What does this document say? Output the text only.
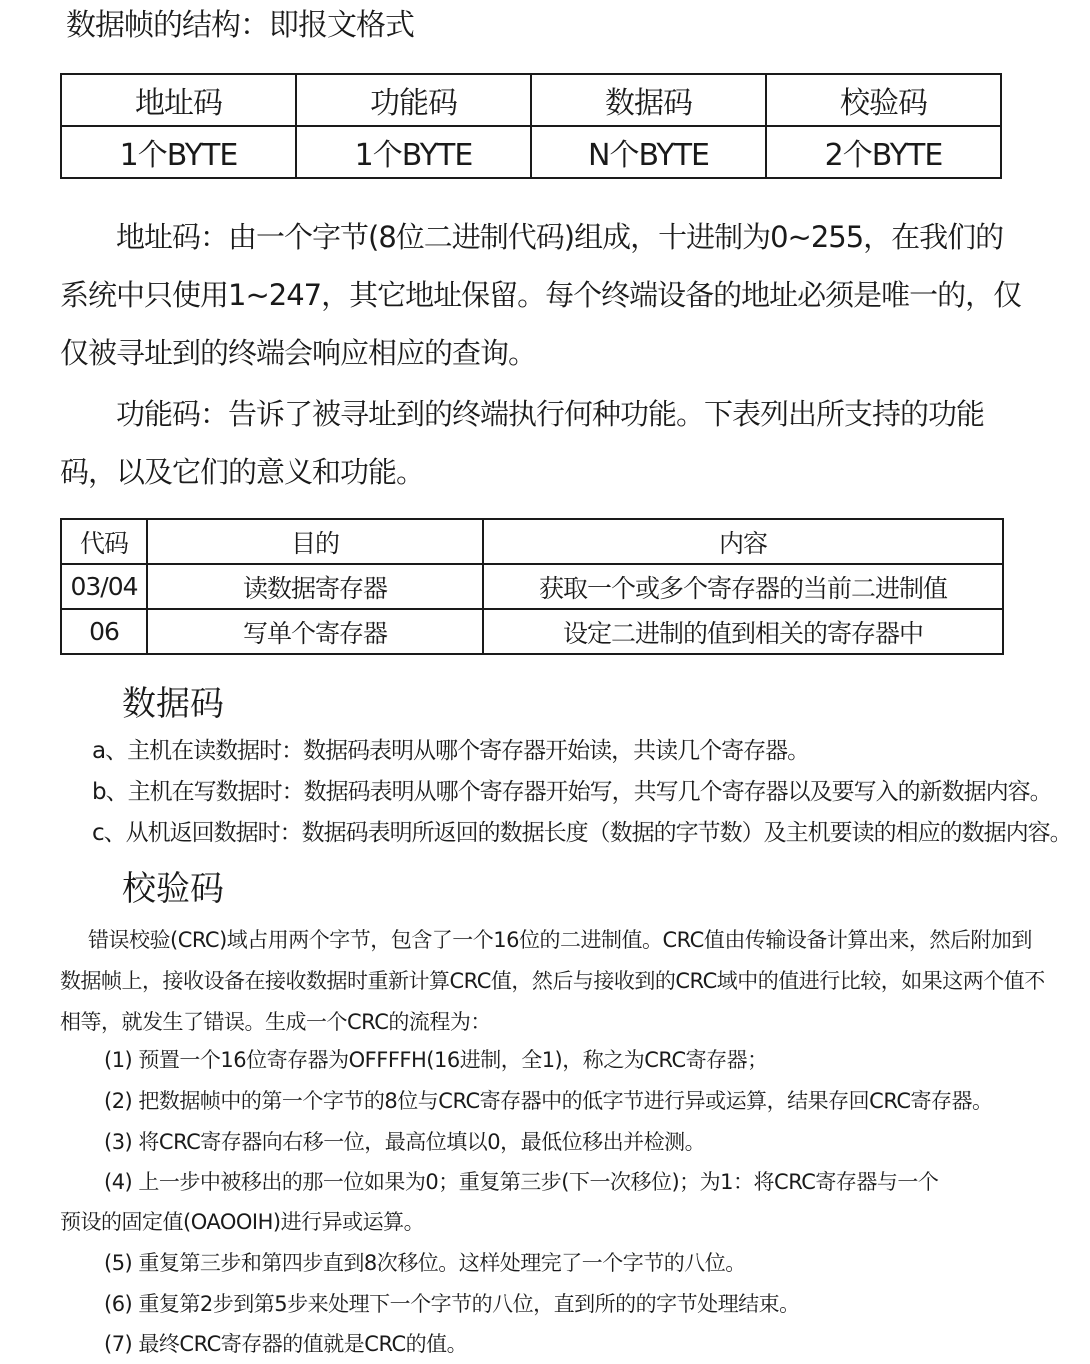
数据帧的结构：即报文格式
地址码	功能码	数据码	校验码
1个BYTE	1个BYTE	N个BYTE	2个BYTE
地址码：由一个字节(8位二进制代码)组成，十进制为0~255，在我们的系统中只使用1~247，其它地址保留。每个终端设备的地址必须是唯一的，仅仅被寻址到的终端会响应相应的查询。
功能码：告诉了被寻址到的终端执行何种功能。下表列出所支持的功能码，以及它们的意义和功能。
代码	目的	内容
03/04	读数据寄存器	获取一个或多个寄存器的当前二进制值
06	写单个寄存器	设定二进制的值到相关的寄存器中
数据码
a、主机在读数据时：数据码表明从哪个寄存器开始读，共读几个寄存器。
b、主机在写数据时：数据码表明从哪个寄存器开始写，共写几个寄存器以及要写入的新数据内容。
c、从机返回数据时：数据码表明所返回的数据长度（数据的字节数）及主机要读的相应的数据内容。
校验码
错误校验(CRC)域占用两个字节，包含了一个16位的二进制值。CRC值由传输设备计算出来，然后附加到数据帧上，接收设备在接收数据时重新计算CRC值，然后与接收到的CRC域中的值进行比较，如果这两个值不相等，就发生了错误。生成一个CRC的流程为：
(1) 预置一个16位寄存器为OFFFFH(16进制，全1)，称之为CRC寄存器；
(2) 把数据帧中的第一个字节的8位与CRC寄存器中的低字节进行异或运算，结果存回CRC寄存器。
(3) 将CRC寄存器向右移一位，最高位填以0，最低位移出并检测。
(4) 上一步中被移出的那一位如果为0；重复第三步(下一次移位)；为1：将CRC寄存器与一个
预设的固定值(OAOOIH)进行异或运算。
(5) 重复第三步和第四步直到8次移位。这样处理完了一个字节的八位。
(6) 重复第2步到第5步来处理下一个字节的八位，直到所的的字节处理结束。
(7) 最终CRC寄存器的值就是CRC的值。
